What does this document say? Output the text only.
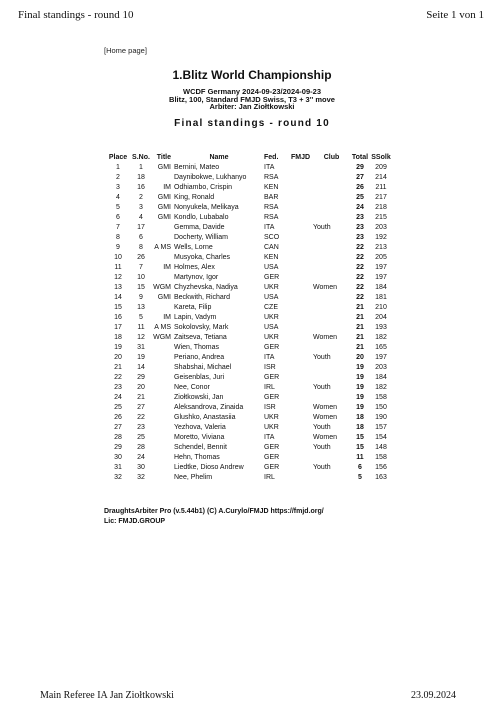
Final standings - round 10	Seite 1 von 1
[Home page]
1.Blitz World Championship
WCDF Germany 2024-09-23/2024-09-23
Blitz, 100, Standard FMJD Swiss, T3 + 3'' move
Arbiter: Jan Ziołtkowski
Final standings - round 10
Place	S.No.	Title	Name	Fed.	FMJD	Club	Total	SSolk
1	1	GMI	Bernini, Mateo	ITA			29	209
2	18		Daynibokwe, Lukhanyo	RSA			27	214
3	16	IM	Odhiambo, Crispin	KEN			26	211
4	2	GMI	King, Ronald	BAR			25	217
5	3	GMI	Nonyukela, Melikaya	RSA			24	218
6	4	GMI	Kondlo, Lubabalo	RSA			23	215
7	17		Gemma, Davide	ITA		Youth	23	203
8	6		Docherty, William	SCO			23	192
9	8	A MS	Wells, Lorne	CAN			22	213
10	26		Musyoka, Charles	KEN			22	205
11	7	IM	Holmes, Alex	USA			22	197
12	10		Martynov, Igor	GER			22	197
13	15	WGM	Chyzhevska, Nadiya	UKR		Women	22	184
14	9	GMI	Beckwith, Richard	USA			22	181
15	13		Kareta, Filip	CZE			21	210
16	5	IM	Lapin, Vadym	UKR			21	204
17	11	A MS	Sokolovsky, Mark	USA			21	193
18	12	WGM	Zaitseva, Tetiana	UKR		Women	21	182
19	31		Wien, Thomas	GER			21	165
20	19		Periano, Andrea	ITA		Youth	20	197
21	14		Shabshai, Michael	ISR			19	203
22	29		Geisenblas, Juri	GER			19	184
23	20		Nee, Conor	IRL		Youth	19	182
24	21		Ziołtkowski, Jan	GER			19	158
25	27		Aleksandrova, Zinaida	ISR		Women	19	150
26	22		Glushko, Anastasiia	UKR		Women	18	190
27	23		Yezhova, Valeria	UKR		Youth	18	157
28	25		Moretto, Viviana	ITA		Women	15	154
29	28		Schendel, Bennit	GER		Youth	15	148
30	24		Hehn, Thomas	GER			11	158
31	30		Liedtke, Dioso Andrew	GER		Youth	6	156
32	32		Nee, Phelim	IRL			5	163
DraughtsArbiter Pro (v.5.44b1) (C) A.Curylo/FMJD https://fmjd.org/
Lic: FMJD.GROUP
Main Referee IA Jan Ziołtkowski	23.09.2024
